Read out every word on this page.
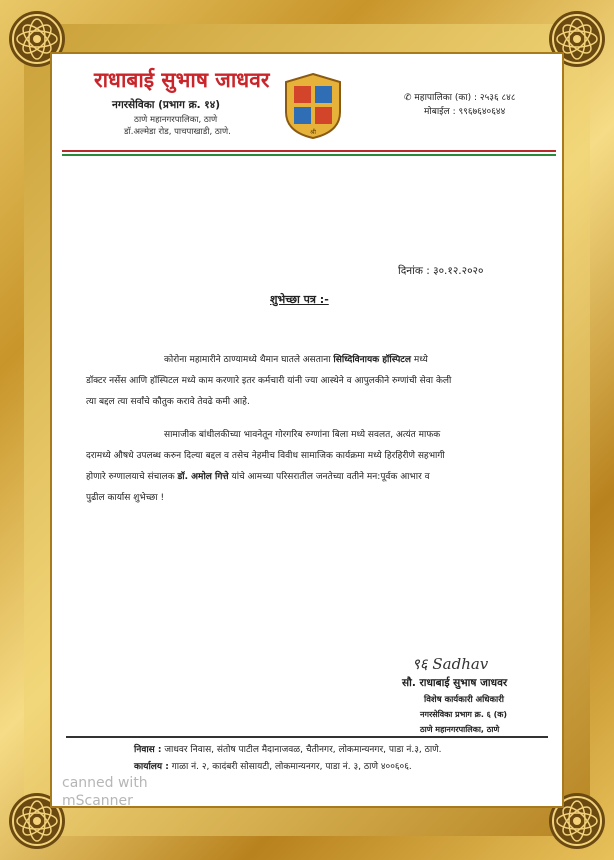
राधाबाई सुभाष जाधवर
नगरसेविका (प्रभाग क्र. १४)
ठाणे महानगरपालिका, ठाणे
डॉ.अल्मेडा रोड, पाचपाखाडी, ठाणे.	श्री
✆ महापालिका (का) : २५३६ ८४८
मोबाईल : ९९६७६४०६४४
दिनांक : ३०.१२.२०२०
शुभेच्छा पत्र :-
कोरोना महामारीने ठाण्यामध्ये थैमान घातले असताना सिध्दिविनायक हॉस्पिटल मध्ये
डॉक्टर नर्सेस आणि हॉस्पिटल मध्ये काम करणारे इतर कर्मचारी यांनी ज्या आस्थेने व आपुलकीने रुग्णांची सेवा केली
त्या बद्दल त्या सर्वांचे कौतुक करावे तेवढे कमी आहे.
सामाजीक बांधीलकीच्या भावनेतून गोरगरिब रुग्णांना बिला मध्ये सवलत, अत्यंत माफक
दरामध्ये औषधे उपलब्ध करुन दिल्या बद्दल व तसेच नेहमीच विवीध सामाजिक कार्यक्रमा मध्ये हिरहिरीणे सहभागी
होणारे रुग्णालयाचे संचालक डॉ. अमोल गित्ते यांचे आमच्या परिसरातील जनतेच्या वतीने मन:पूर्वक आभार व
पुढील कार्यास शुभेच्छा !
९६ Sadhav
सौ. राधाबाई सुभाष जाधवर
विशेष कार्यकारी अधिकारी
नगरसेविका प्रभाग क्र. ६ (क)
ठाणे महानगरपालिका, ठाणे
निवास : जाधवर निवास, संतोष पाटील मैदानाजवळ, चैतीनगर, लोकमान्यनगर, पाडा नं.३, ठाणे.
कार्यालय : गाळा नं. २, कादंबरी सोसायटी, लोकमान्यनगर, पाडा नं. ३, ठाणे ४००६०६.
canned with
mScanner
